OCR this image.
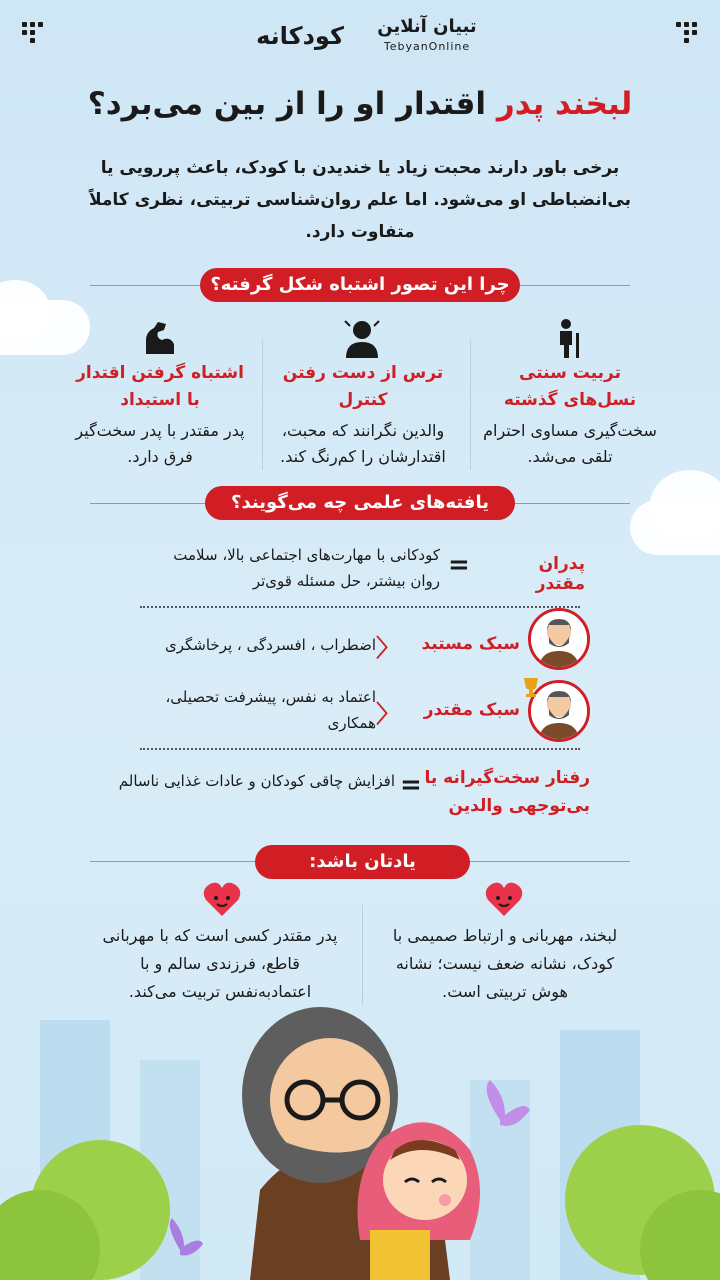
کودکانه	تبیان آنلاین
TebyanOnline
لبخند پدر اقتدار او را از بین می‌برد؟
برخی باور دارند محبت زیاد یا خندیدن با کودک، باعث پررویی یا بی‌انضباطی او می‌شود. اما علم روان‌شناسی تربیتی، نظری کاملاً متفاوت دارد.
چرا این تصور اشتباه شکل گرفته؟
تربیت سنتی نسل‌های گذشته
سخت‌گیری مساوی احترام تلقی می‌شد.
ترس از دست رفتن کنترل
والدین نگرانند که محبت، اقتدارشان را کم‌رنگ کند.
اشتباه گرفتن اقتدار با استبداد
پدر مقتدر با پدر سخت‌گیر فرق دارد.
یافته‌های علمی چه می‌گویند؟
پدران مقتدر
=
کودکانی با مهارت‌های اجتماعی بالا، سلامت روان بیشتر، حل مسئله قوی‌تر
سبک مستبد
〈
اضطراب ، افسردگی ، پرخاشگری
سبک مقتدر
〈
اعتماد به نفس، پیشرفت تحصیلی، همکاری
رفتار سخت‌گیرانه یا بی‌توجهی والدین
=
افزایش چاقی کودکان و عادات غذایی ناسالم
یادتان باشد:
لبخند، مهربانی و ارتباط صمیمی با کودک، نشانه ضعف نیست؛ نشانه هوش تربیتی است.
پدر مقتدر کسی است که با مهربانی قاطع، فرزندی سالم و با اعتمادبه‌نفس تربیت می‌کند.
